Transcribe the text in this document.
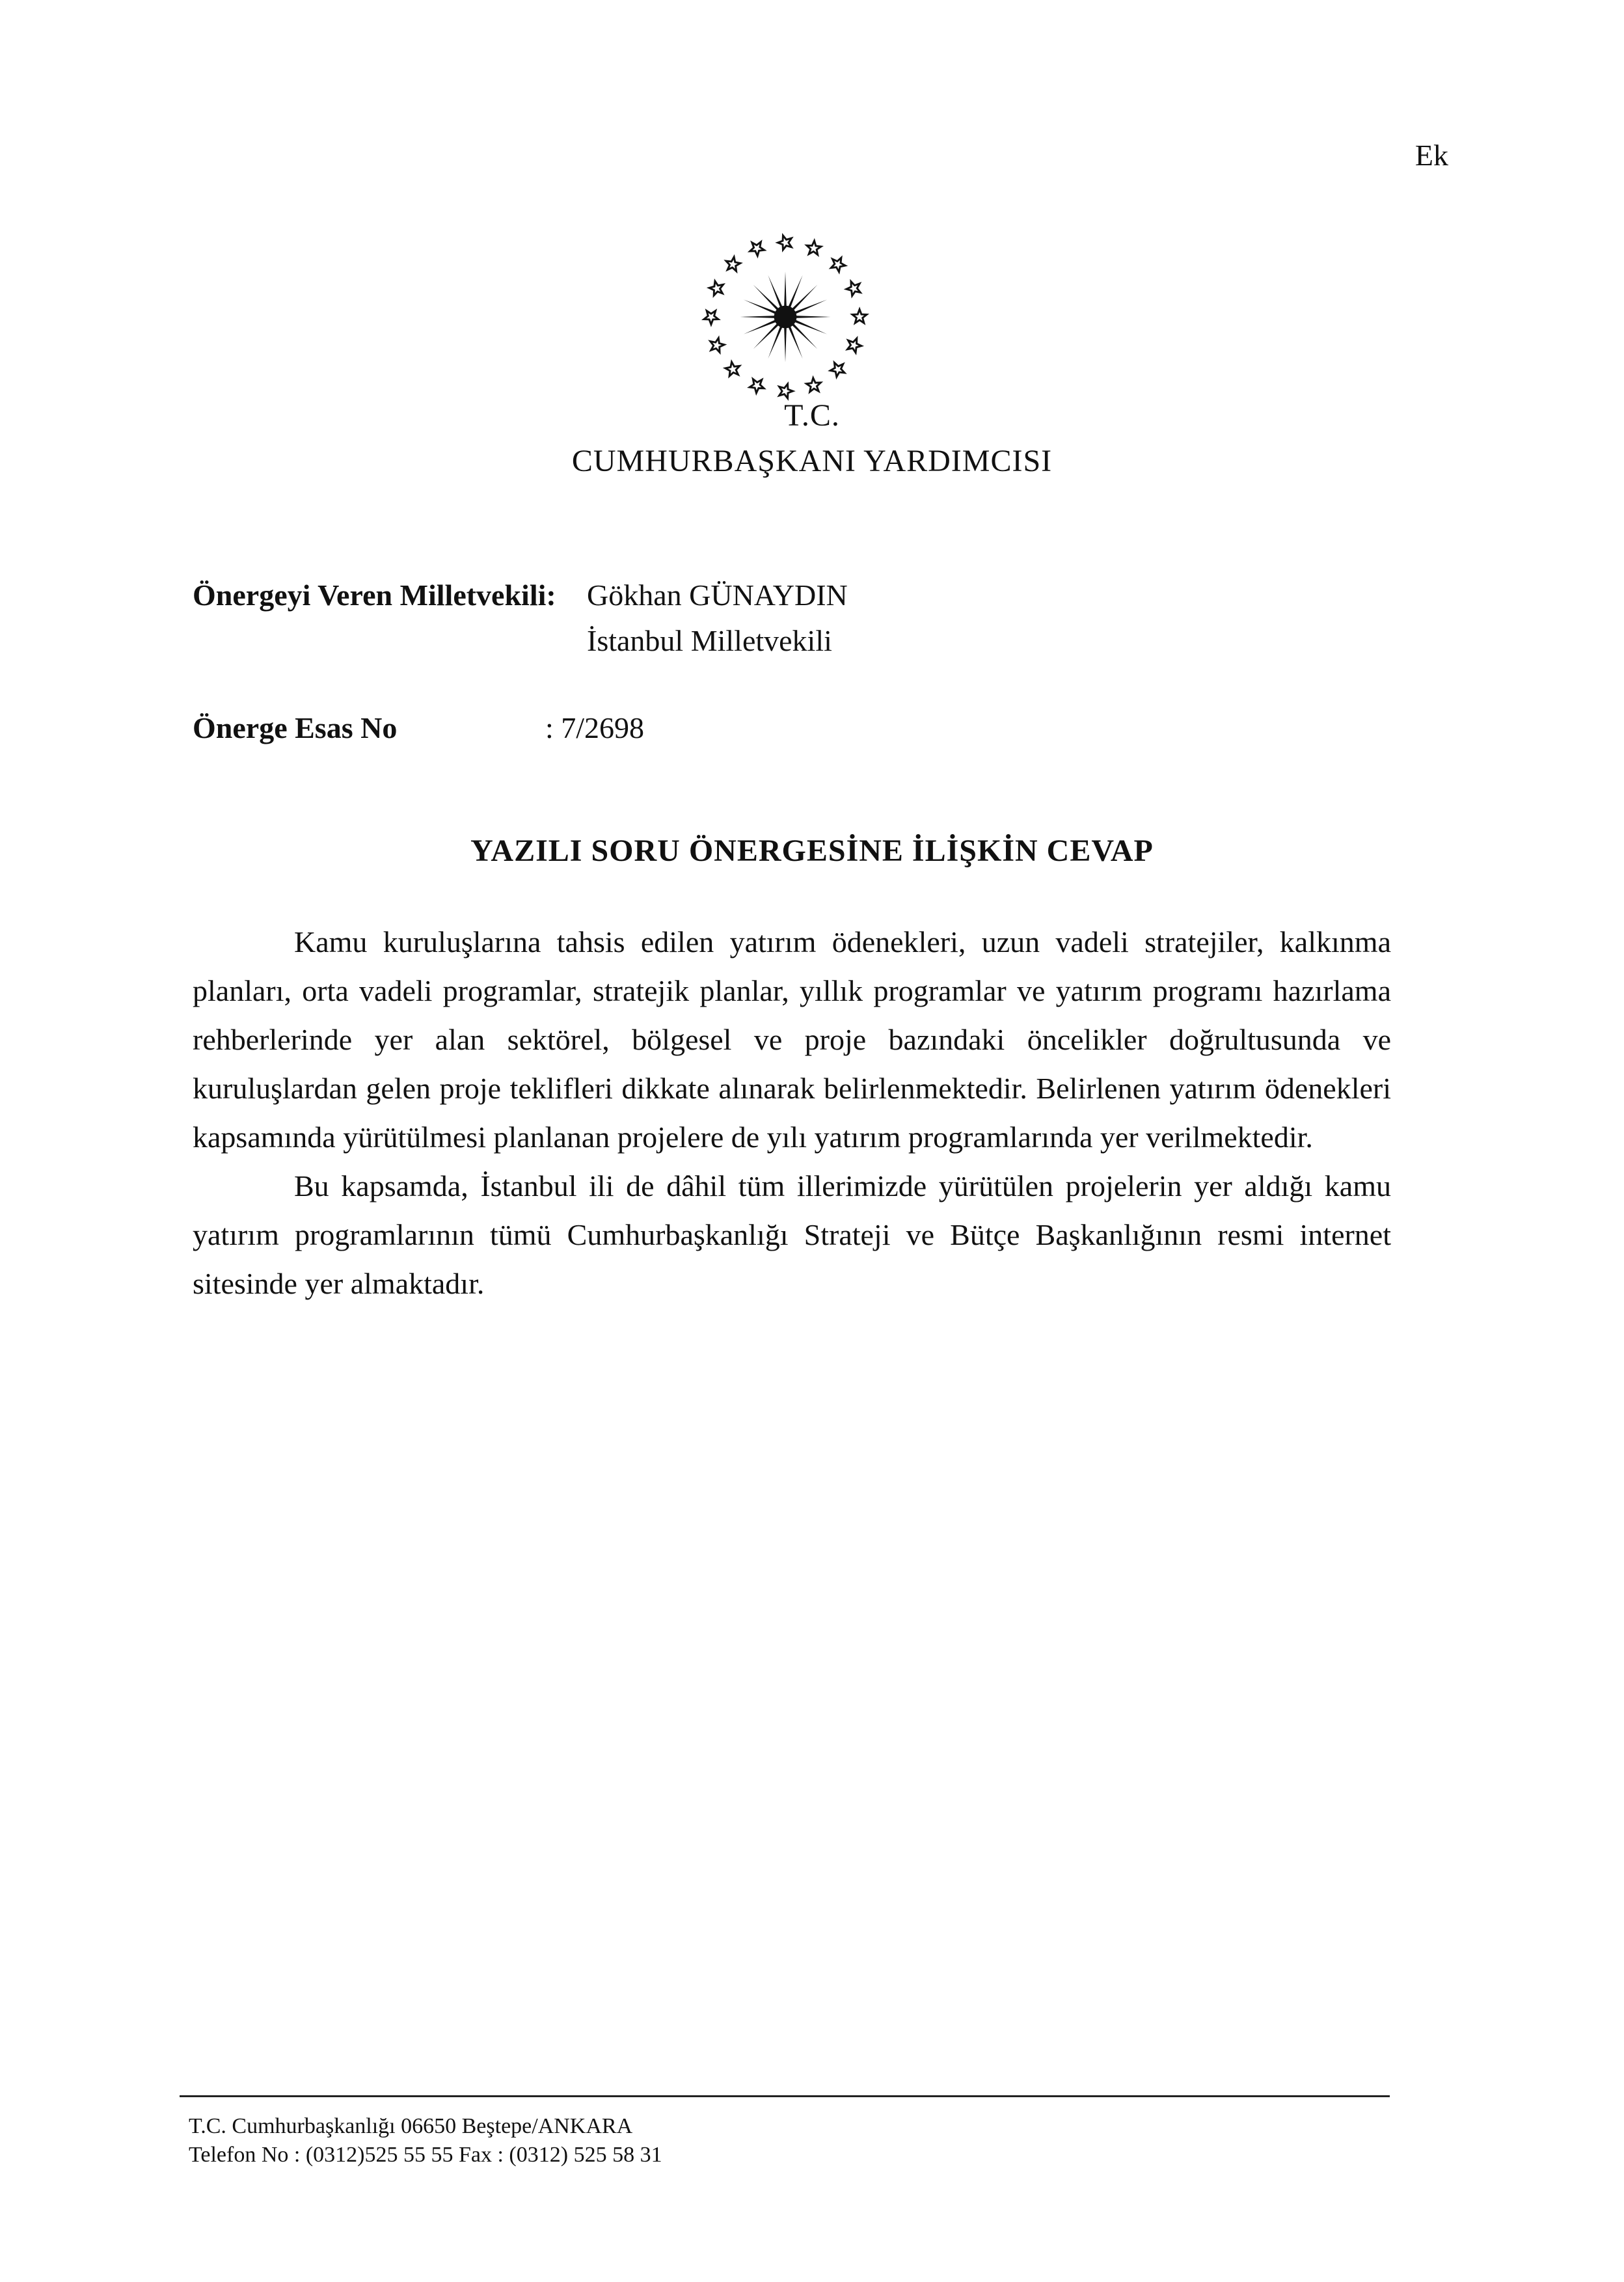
Ek
T.C.
CUMHURBAŞKANI YARDIMCISI
Önergeyi Veren Milletvekili: Gökhan GÜNAYDIN
İstanbul Milletvekili
Önerge Esas No	: 7/2698
YAZILI SORU ÖNERGESİNE İLİŞKİN CEVAP

Kamu kuruluşlarına tahsis edilen yatırım ödenekleri, uzun vadeli stratejiler, kalkınma planları, orta vadeli programlar, stratejik planlar, yıllık programlar ve yatırım programı hazırlama rehberlerinde yer alan sektörel, bölgesel ve proje bazındaki öncelikler doğrultusunda ve kuruluşlardan gelen proje teklifleri dikkate alınarak belirlenmektedir. Belirlenen yatırım ödenekleri kapsamında yürütülmesi planlanan projelere de yılı yatırım programlarında yer verilmektedir.

Bu kapsamda, İstanbul ili de dâhil tüm illerimizde yürütülen projelerin yer aldığı kamu yatırım programlarının tümü Cumhurbaşkanlığı Strateji ve Bütçe Başkanlığının resmi internet sitesinde yer almaktadır.

T.C. Cumhurbaşkanlığı 06650 Beştepe/ANKARA
Telefon No : (0312)525 55 55 Fax : (0312) 525 58 31
